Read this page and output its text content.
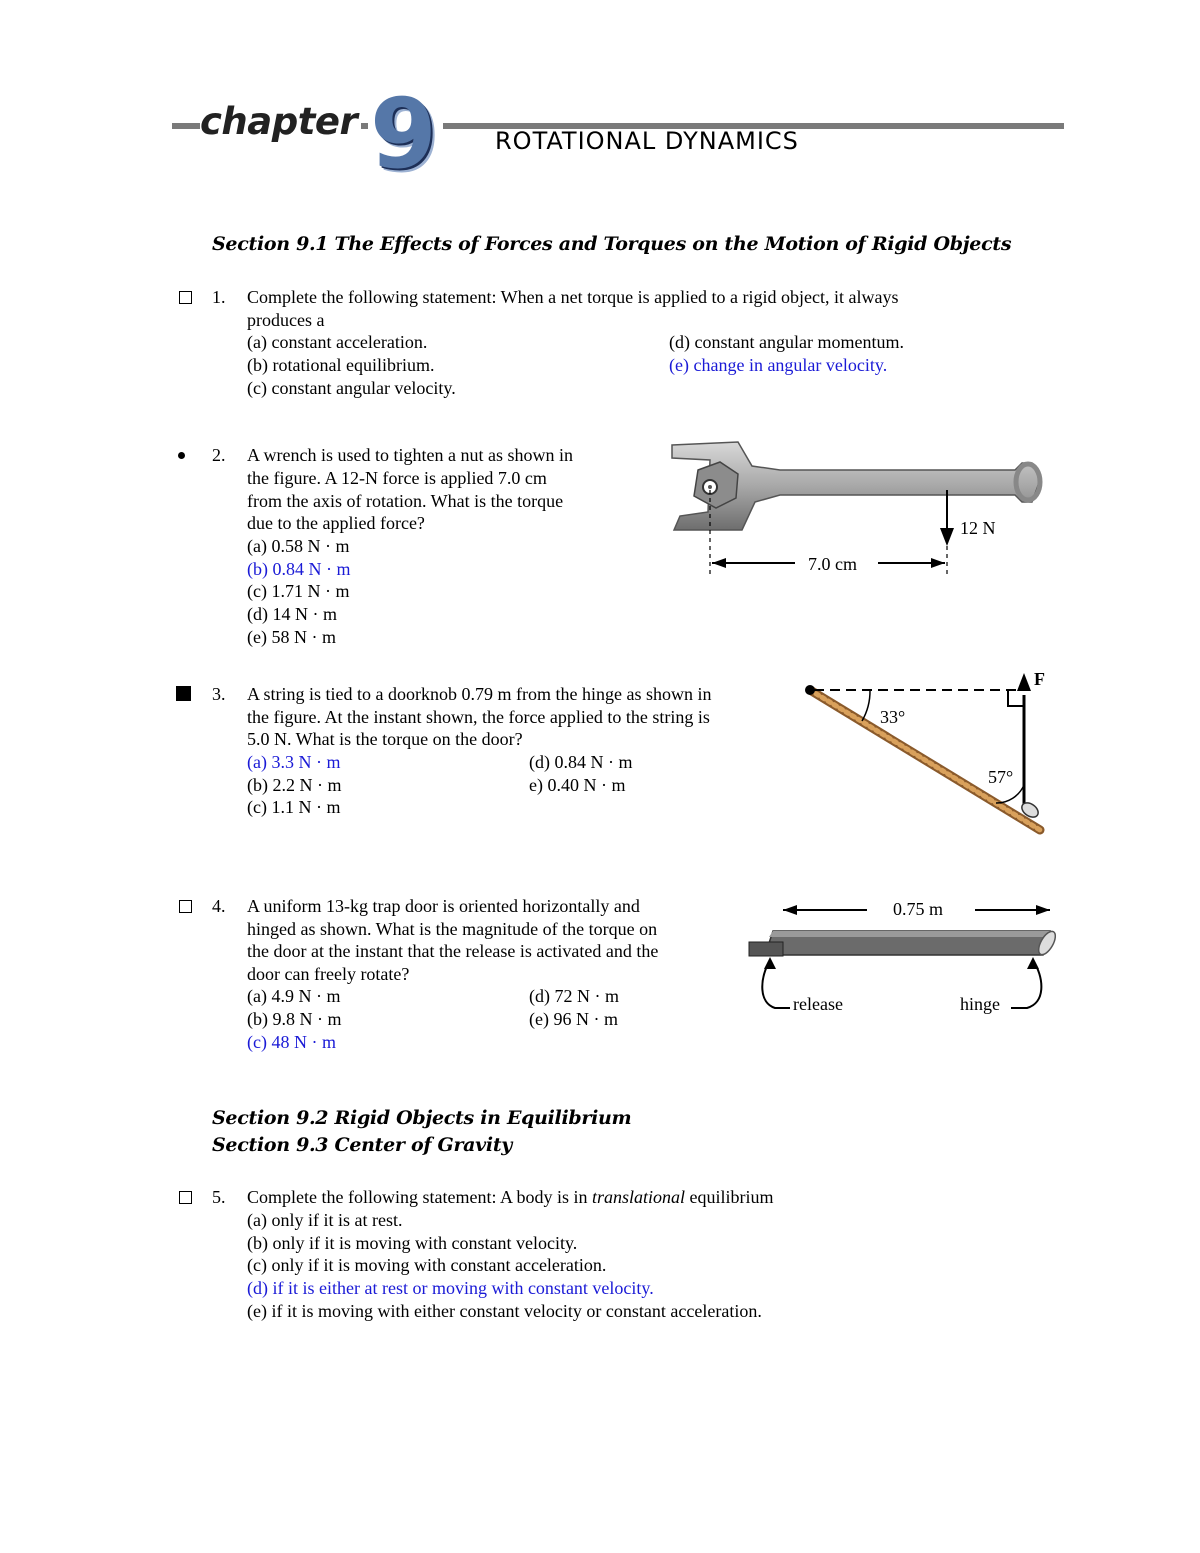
chapter 9 ROTATIONAL DYNAMICS
Section 9.1 The Effects of Forces and Torques on the Motion of Rigid Objects
1. Complete the following statement: When a net torque is applied to a rigid object, it always
produces a
(a) constant acceleration.
(b) rotational equilibrium.
(c) constant angular velocity.
(d) constant angular momentum.
(e) change in angular velocity.
2. A wrench is used to tighten a nut as shown in
the figure. A 12-N force is applied 7.0 cm
from the axis of rotation. What is the torque
due to the applied force?
(a) 0.58 N · m
(b) 0.84 N · m
(c) 1.71 N · m
(d) 14 N · m
(e) 58 N · m
12 N
7.0 cm
3. A string is tied to a doorknob 0.79 m from the hinge as shown in
the figure. At the instant shown, the force applied to the string is
5.0 N. What is the torque on the door?
(a) 3.3 N · m
(b) 2.2 N · m
(c) 1.1 N · m
(d) 0.84 N · m
e) 0.40 N · m
F
33°
57°
4. A uniform 13-kg trap door is oriented horizontally and
hinged as shown. What is the magnitude of the torque on
the door at the instant that the release is activated and the
door can freely rotate?
(a) 4.9 N · m
(b) 9.8 N · m
(c) 48 N · m
(d) 72 N · m
(e) 96 N · m
0.75 m
release	hinge
Section 9.2 Rigid Objects in Equilibrium
Section 9.3 Center of Gravity
5. Complete the following statement: A body is in translational equilibrium
(a) only if it is at rest.
(b) only if it is moving with constant velocity.
(c) only if it is moving with constant acceleration.
(d) if it is either at rest or moving with constant velocity.
(e) if it is moving with either constant velocity or constant acceleration.
